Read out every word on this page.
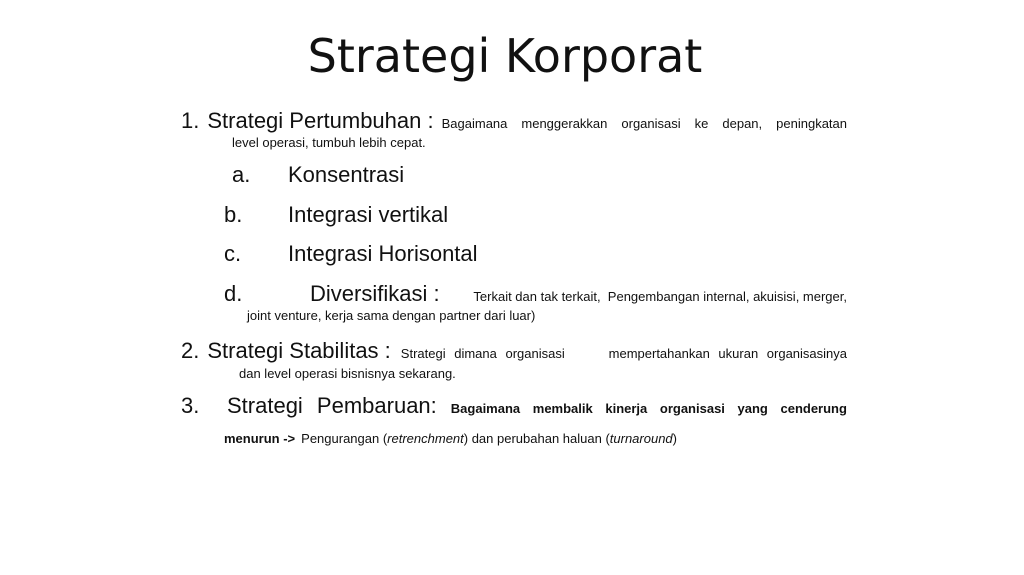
Strategi Korporat
1. Strategi Pertumbuhan : Bagaimana menggerakkan organisasi ke depan, peningkatan
level operasi, tumbuh lebih cepat.
a. Konsentrasi
b. Integrasi vertikal
c. Integrasi Horisontal
d.	Diversifikasi :	Terkait dan tak terkait,  Pengembangan internal, akuisisi, merger,
joint venture, kerja sama dengan partner dari luar)
2. Strategi Stabilitas : Strategi dimana organisasi	mempertahankan ukuran organisasinya
dan level operasi bisnisnya sekarang.
3.	Strategi Pembaruan: Bagaimana membalik kinerja organisasi yang cenderung
menurun -> Pengurangan (retrenchment) dan perubahan haluan (turnaround)
